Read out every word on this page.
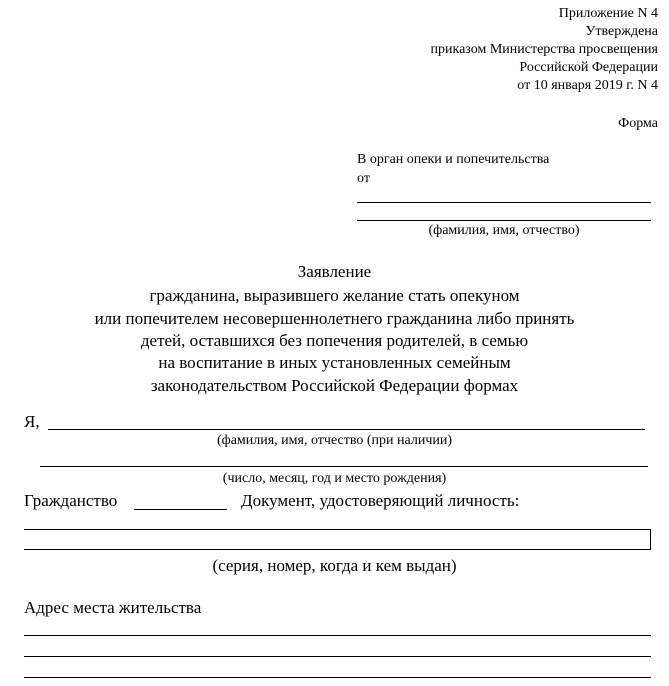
Приложение N 4
Утверждена
приказом Министерства просвещения
Российской Федерации
от 10 января 2019 г. N 4
Форма
В орган опеки и попечительства
от
(фамилия, имя, отчество)
Заявление
гражданина, выразившего желание стать опекуном
или попечителем несовершеннолетнего гражданина либо принять
детей, оставшихся без попечения родителей, в семью
на воспитание в иных установленных семейным
законодательством Российской Федерации формах
Я,
(фамилия, имя, отчество (при наличии)
(число, месяц, год и место рождения)
Гражданство	Документ, удостоверяющий личность:
(серия, номер, когда и кем выдан)
Адрес места жительства
